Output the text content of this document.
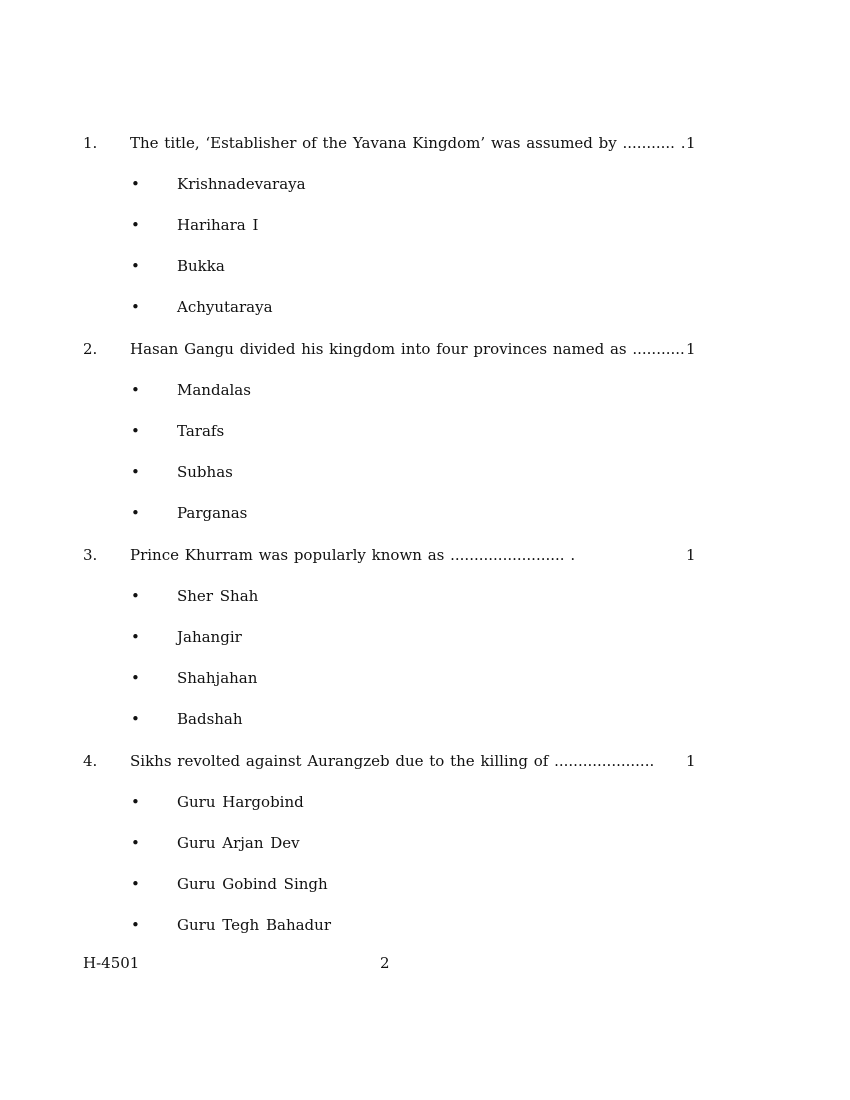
1. The title, ‘Establisher of the Yavana Kingdom’ was assumed by ........... . 1
• Krishnadevaraya
• Harihara I
• Bukka
• Achyutaraya
2. Hasan Gangu divided his kingdom into four provinces named as ........... 1
• Mandalas
• Tarafs
• Subhas
• Parganas
3. Prince Khurram was popularly known as ........................ .	1
• Sher Shah
• Jahangir
• Shahjahan
• Badshah
4. Sikhs revolted against Aurangzeb due to the killing of ..................... 1
• Guru Hargobind
• Guru Arjan Dev
• Guru Gobind Singh
• Guru Tegh Bahadur
H-4501	2
